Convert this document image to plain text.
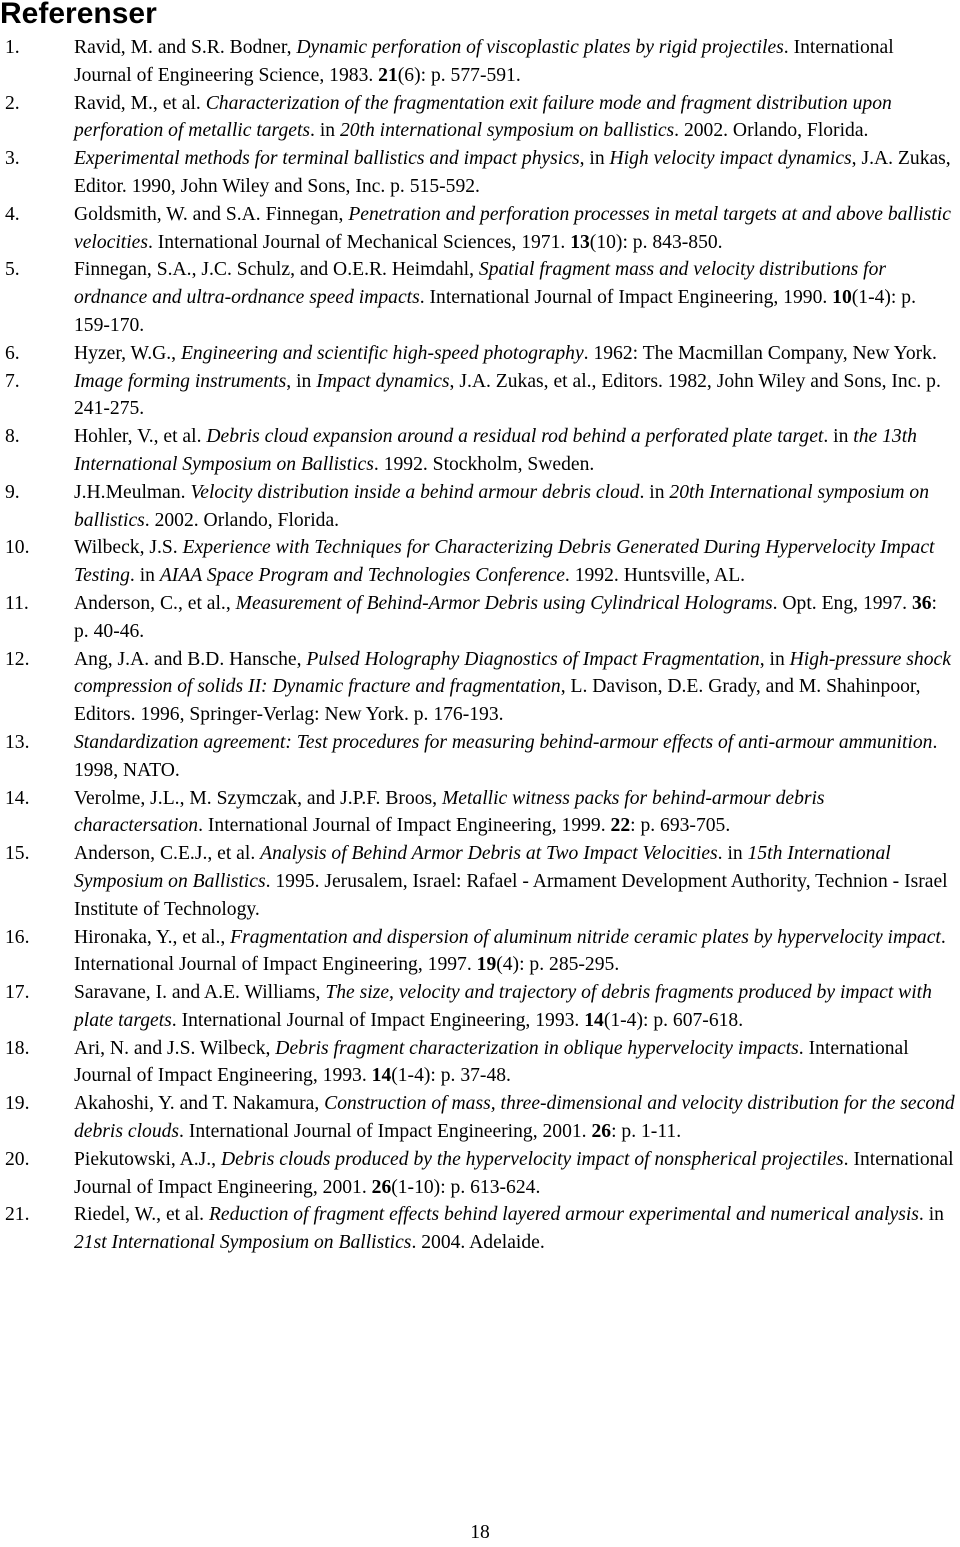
Referenser
1.	Ravid, M. and S.R. Bodner, Dynamic perforation of viscoplastic plates by rigid projectiles. International Journal of Engineering Science, 1983. 21(6): p. 577-591.
2.	Ravid, M., et al. Characterization of the fragmentation exit failure mode and fragment distribution upon perforation of metallic targets. in 20th international symposium on ballistics. 2002. Orlando, Florida.
3.	Experimental methods for terminal ballistics and impact physics, in High velocity impact dynamics, J.A. Zukas, Editor. 1990, John Wiley and Sons, Inc. p. 515-592.
4.	Goldsmith, W. and S.A. Finnegan, Penetration and perforation processes in metal targets at and above ballistic velocities. International Journal of Mechanical Sciences, 1971. 13(10): p. 843-850.
5.	Finnegan, S.A., J.C. Schulz, and O.E.R. Heimdahl, Spatial fragment mass and velocity distributions for ordnance and ultra-ordnance speed impacts. International Journal of Impact Engineering, 1990. 10(1-4): p. 159-170.
6.	Hyzer, W.G., Engineering and scientific high-speed photography. 1962: The Macmillan Company, New York.
7.	Image forming instruments, in Impact dynamics, J.A. Zukas, et al., Editors. 1982, John Wiley and Sons, Inc. p. 241-275.
8.	Hohler, V., et al. Debris cloud expansion around a residual rod behind a perforated plate target. in the 13th International Symposium on Ballistics. 1992. Stockholm, Sweden.
9.	J.H.Meulman. Velocity distribution inside a behind armour debris cloud. in 20th International symposium on ballistics. 2002. Orlando, Florida.
10. Wilbeck, J.S. Experience with Techniques for Characterizing Debris Generated During Hypervelocity Impact Testing. in AIAA Space Program and Technologies Conference. 1992. Huntsville, AL.
11. Anderson, C., et al., Measurement of Behind-Armor Debris using Cylindrical Holograms. Opt. Eng, 1997. 36: p. 40-46.
12. Ang, J.A. and B.D. Hansche, Pulsed Holography Diagnostics of Impact Fragmentation, in High-pressure shock compression of solids II: Dynamic fracture and fragmentation, L. Davison, D.E. Grady, and M. Shahinpoor, Editors. 1996, Springer-Verlag: New York. p. 176-193.
13. Standardization agreement: Test procedures for measuring behind-armour effects of anti-armour ammunition. 1998, NATO.
14. Verolme, J.L., M. Szymczak, and J.P.F. Broos, Metallic witness packs for behind-armour debris charactersation. International Journal of Impact Engineering, 1999. 22: p. 693-705.
15. Anderson, C.E.J., et al. Analysis of Behind Armor Debris at Two Impact Velocities. in 15th International Symposium on Ballistics. 1995. Jerusalem, Israel: Rafael - Armament Development Authority, Technion - Israel Institute of Technology.
16. Hironaka, Y., et al., Fragmentation and dispersion of aluminum nitride ceramic plates by hypervelocity impact. International Journal of Impact Engineering, 1997. 19(4): p. 285-295.
17. Saravane, I. and A.E. Williams, The size, velocity and trajectory of debris fragments produced by impact with plate targets. International Journal of Impact Engineering, 1993. 14(1-4): p. 607-618.
18. Ari, N. and J.S. Wilbeck, Debris fragment characterization in oblique hypervelocity impacts. International Journal of Impact Engineering, 1993. 14(1-4): p. 37-48.
19. Akahoshi, Y. and T. Nakamura, Construction of mass, three-dimensional and velocity distribution for the second debris clouds. International Journal of Impact Engineering, 2001. 26: p. 1-11.
20. Piekutowski, A.J., Debris clouds produced by the hypervelocity impact of nonspherical projectiles. International Journal of Impact Engineering, 2001. 26(1-10): p. 613-624.
21. Riedel, W., et al. Reduction of fragment effects behind layered armour experimental and numerical analysis. in 21st International Symposium on Ballistics. 2004. Adelaide.
18
